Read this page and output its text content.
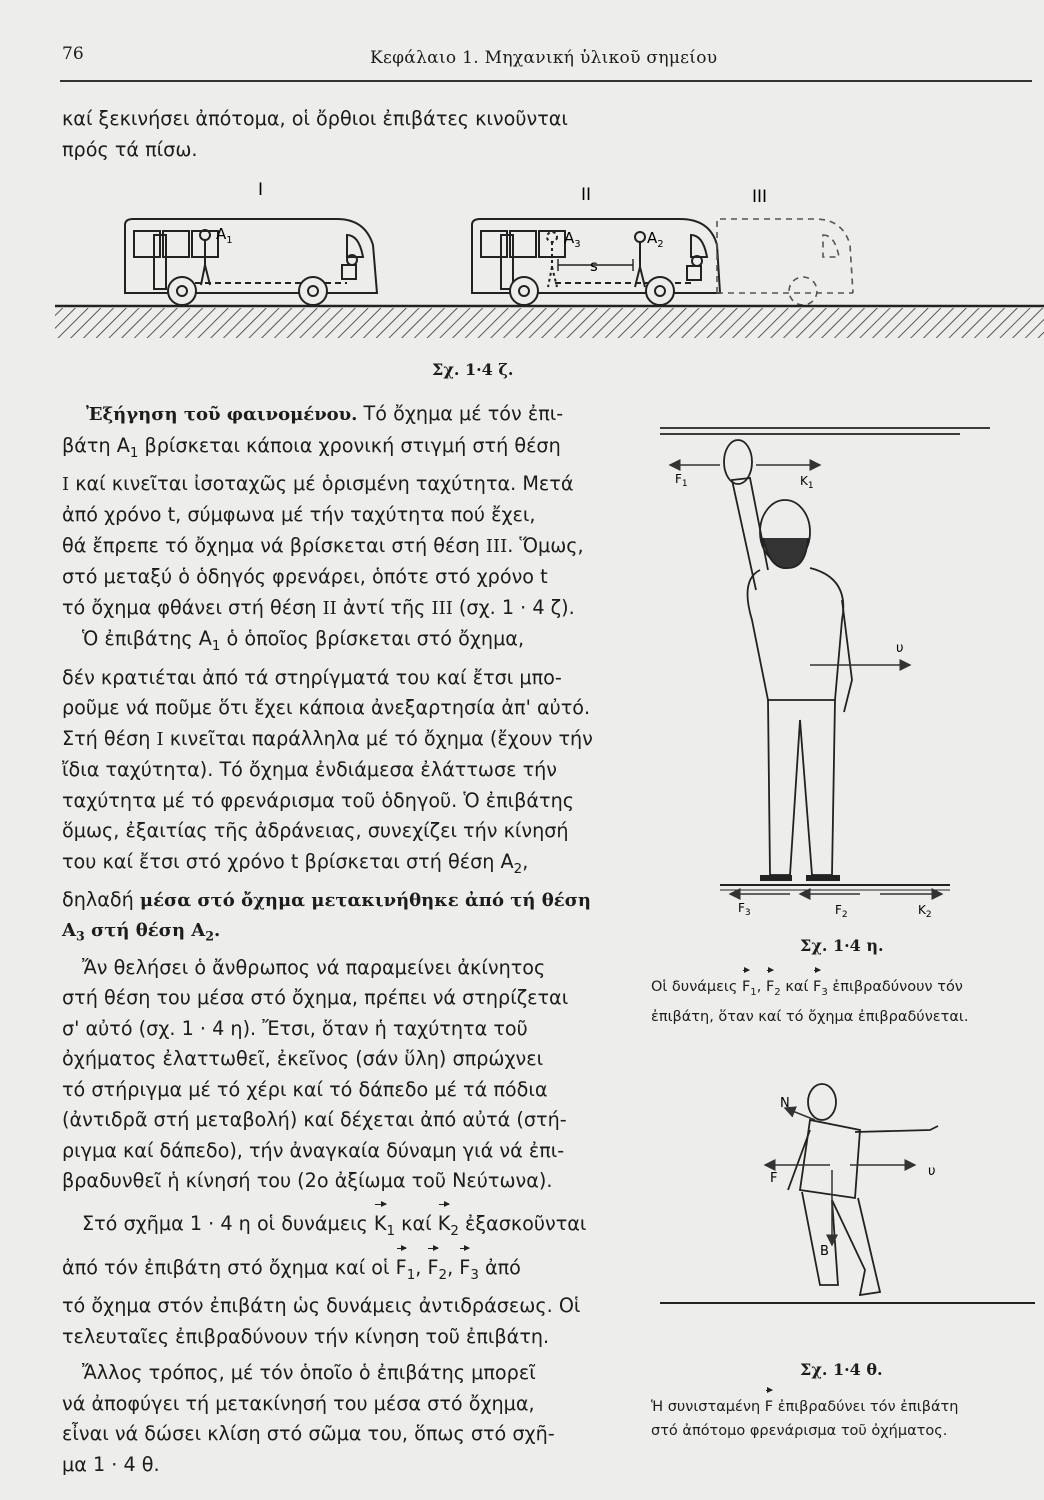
76	Κεφάλαιο 1. Μηχανική ὑλικοῦ σημείου

καί ξεκινήσει ἀπότομα, οἱ ὄρθιοι ἐπιβάτες κινοῦνται

πρός τά πίσω.

I	II	III
$A_1$	$A_3$	$A_2$
s
Σχ. 1·4 ζ.

Ἐξήγηση τοῦ φαινομένου. Τό ὄχημα μέ τόν ἐπι-

βάτη $A_1$ βρίσκεται κάποια χρονική στιγμή στή θέση

I καί κινεῖται ἰσοταχῶς μέ ὁρισμένη ταχύτητα. Μετά

ἀπό χρόνο t, σύμφωνα μέ τήν ταχύτητα πού ἔχει,

θά ἔπρεπε τό ὄχημα νά βρίσκεται στή θέση III. Ὅμως,

στό μεταξύ ὁ ὁδηγός φρενάρει, ὁπότε στό χρόνο t

τό ὄχημα φθάνει στή θέση II ἀντί τῆς III (σχ. 1 · 4 ζ).

Ὁ ἐπιβάτης $A_1$ ὁ ὁποῖος βρίσκεται στό ὄχημα,

δέν κρατιέται ἀπό τά στηρίγματά του καί ἔτσι μπο-

ροῦμε νά ποῦμε ὅτι ἔχει κάποια ἀνεξαρτησία ἀπ' αὐτό.

Στή θέση I κινεῖται παράλληλα μέ τό ὄχημα (ἔχουν τήν

ἴδια ταχύτητα). Τό ὄχημα ἐνδιάμεσα ἐλάττωσε τήν

ταχύτητα μέ τό φρενάρισμα τοῦ ὁδηγοῦ. Ὁ ἐπιβάτης

ὅμως, ἐξαιτίας τῆς ἀδράνειας, συνεχίζει τήν κίνησή

του καί ἔτσι στό χρόνο t βρίσκεται στή θέση $A_2$,

δηλαδή μέσα στό ὄχημα μετακινήθηκε ἀπό τή θέση

$A_3$ στή θέση $A_2$.

Ἄν θελήσει ὁ ἄνθρωπος νά παραμείνει ἀκίνητος

στή θέση του μέσα στό ὄχημα, πρέπει νά στηρίζεται

σ' αὐτό (σχ. 1 · 4 η). Ἔτσι, ὅταν ἡ ταχύτητα τοῦ

ὀχήματος ἐλαττωθεῖ, ἐκεῖνος (σάν ὕλη) σπρώχνει

τό στήριγμα μέ τό χέρι καί τό δάπεδο μέ τά πόδια

(ἀντιδρᾶ στή μεταβολή) καί δέχεται ἀπό αὐτά (στή-

ριγμα καί δάπεδο), τήν ἀναγκαία δύναμη γιά νά ἐπι-

βραδυνθεῖ ἡ κίνησή του (2ο ἀξίωμα τοῦ Νεύτωνα).

Στό σχῆμα 1 · 4 η οἱ δυνάμεις $K_1$ καί $K_2$ ἐξασκοῦνται

ἀπό τόν ἐπιβάτη στό ὄχημα καί οἱ $F_1$, $F_2$, $F_3$ ἀπό

τό ὄχημα στόν ἐπιβάτη ὡς δυνάμεις ἀντιδράσεως. Οἱ

τελευταῖες ἐπιβραδύνουν τήν κίνηση τοῦ ἐπιβάτη.

Ἄλλος τρόπος, μέ τόν ὁποῖο ὁ ἐπιβάτης μπορεῖ

νά ἀποφύγει τή μετακίνησή του μέσα στό ὄχημα,

εἶναι νά δώσει κλίση στό σῶμα του, ὅπως στό σχῆ-

μα 1 · 4 θ.

$F_1$	$K_1$
υ
$F_3$	$F_2$	$K_2$
Σχ. 1·4 η.
Οἱ δυνάμεις $F_1$, $F_2$ καί $F_3$ ἐπιβραδύνουν τόν
ἐπιβάτη, ὅταν καί τό ὄχημα ἐπιβραδύνεται.
N
F	υ
B
Σχ. 1·4 θ.
Ἡ συνισταμένη F ἐπιβραδύνει τόν ἐπιβάτη
στό ἀπότομο φρενάρισμα τοῦ ὀχήματος.
